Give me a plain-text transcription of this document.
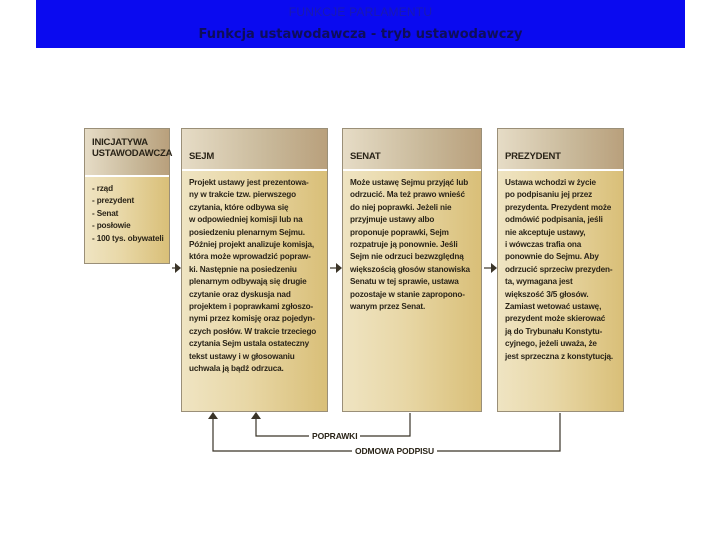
FUNKCJE PARLAMENTU
Funkcja ustawodawcza - tryb ustawodawczy
INICJATYWA
USTAWODAWCZA
- rząd
- prezydent
- Senat
- posłowie
- 100 tys. obywateli
SEJM
Projekt ustawy jest prezentowa-
ny w trakcie tzw. pierwszego
czytania, które odbywa się
w odpowiedniej komisji lub na
posiedzeniu plenarnym Sejmu.
Później projekt analizuje komisja,
która może wprowadzić popraw-
ki. Następnie na posiedzeniu
plenarnym odbywają się drugie
czytanie oraz dyskusja nad
projektem i poprawkami zgłoszo-
nymi przez komisję oraz pojedyn-
czych posłów. W trakcie trzeciego
czytania Sejm ustala ostateczny
tekst ustawy i w głosowaniu
uchwala ją bądź odrzuca.
SENAT
Może ustawę Sejmu przyjąć lub
odrzucić. Ma też prawo wnieść
do niej poprawki. Jeżeli nie
przyjmuje ustawy albo
proponuje poprawki, Sejm
rozpatruje ją ponownie. Jeśli
Sejm nie odrzuci bezwzględną
większością głosów stanowiska
Senatu w tej sprawie, ustawa
pozostaje w stanie zapropono-
wanym przez Senat.
PREZYDENT
Ustawa wchodzi w życie
po podpisaniu jej przez
prezydenta. Prezydent może
odmówić podpisania, jeśli
nie akceptuje ustawy,
i wówczas trafia ona
ponownie do Sejmu. Aby
odrzucić sprzeciw prezyden-
ta, wymagana jest
większość 3/5 głosów.
Zamiast wetować ustawę,
prezydent może skierować
ją do Trybunału Konstytu-
cyjnego, jeżeli uważa, że
jest sprzeczna z konstytucją.
POPRAWKI
ODMOWA PODPISU
